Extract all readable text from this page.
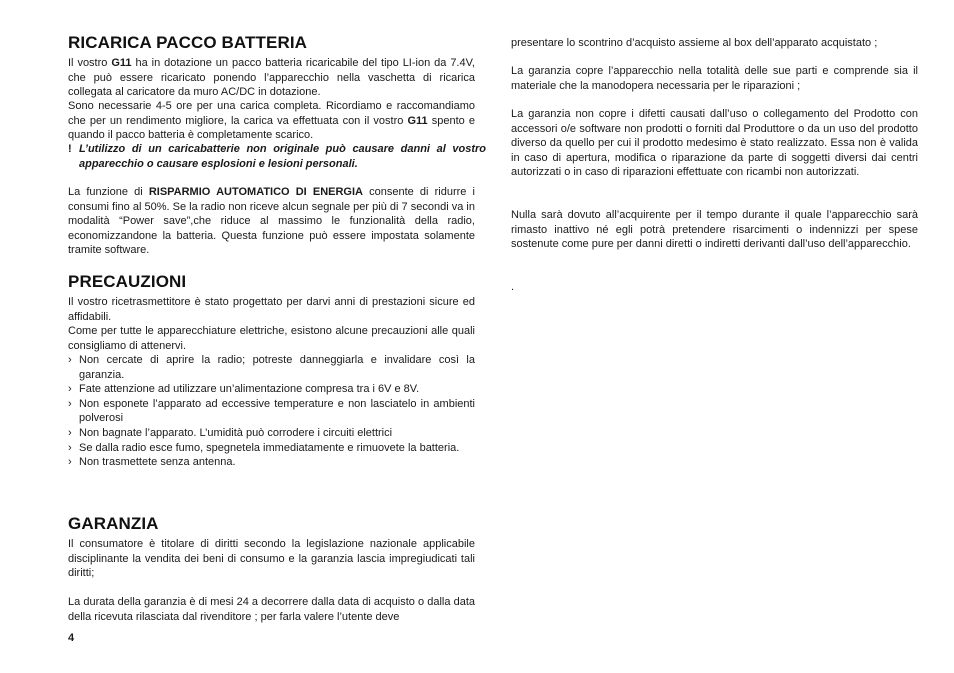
RICARICA PACCO BATTERIA

Il vostro G11 ha in dotazione un pacco batteria ricaricabile del tipo LI-ion da 7.4V, che può essere ricaricato ponendo l’apparecchio nella vaschetta di ricarica collegata al caricatore da muro AC/DC in dotazione.

Sono necessarie 4-5 ore per una carica completa. Ricordiamo e raccomandiamo che per un rendimento migliore, la carica va effettuata con il vostro G11 spento e quando il pacco batteria è completamente scarico.

! L’utilizzo di un caricabatterie non originale può causare danni al vostro apparecchio o causare esplosioni e lesioni personali.

La funzione di RISPARMIO AUTOMATICO DI ENERGIA consente di ridurre i consumi fino al 50%. Se la radio non riceve alcun segnale per più di 7 secondi va in modalità “Power save”,che riduce al massimo le funzionalità della radio, economizzandone la batteria. Questa funzione può essere impostata solamente tramite software.

PRECAUZIONI

Il vostro ricetrasmettitore è stato progettato per darvi anni di prestazioni sicure ed affidabili.

Come per tutte le apparecchiature elettriche, esistono alcune precauzioni alle quali consigliamo di attenervi.

› Non cercate di aprire la radio; potreste danneggiarla e invalidare così la garanzia.
› Fate attenzione ad utilizzare un’alimentazione compresa tra i 6V e 8V.
› Non esponete l’apparato ad eccessive temperature e non lasciatelo in ambienti polverosi
› Non bagnate l’apparato. L’umidità può corrodere i circuiti elettrici
› Se dalla radio esce fumo, spegnetela immediatamente e rimuovete la batteria.
› Non trasmettete senza antenna.
GARANZIA

Il consumatore è titolare di diritti secondo la legislazione nazionale applicabile disciplinante la vendita dei beni di consumo e la garanzia lascia impregiudicati tali diritti;

La durata della garanzia è di mesi 24 a decorrere dalla data di acquisto o dalla data della ricevuta rilasciata dal rivenditore ; per farla valere l’utente deve

presentare lo scontrino d’acquisto assieme al box dell’apparato acquistato ;

La garanzia copre l’apparecchio nella totalità delle sue parti e comprende sia il materiale che la manodopera necessaria per le riparazioni ;

La garanzia non copre i difetti causati dall’uso o collegamento del Prodotto con accessori o/e software non prodotti o forniti dal Produttore o da un uso del prodotto diverso da quello per cui il prodotto medesimo è stato realizzato. Essa non è valida in caso di apertura, modifica o riparazione da parte di soggetti diversi dai centri autorizzati o in caso di riparazioni effettuate con ricambi non autorizzati.

Nulla sarà dovuto all’acquirente per il tempo durante il quale l’apparecchio sarà rimasto inattivo né egli potrà pretendere risarcimenti o indennizzi per spese sostenute come pure per danni diretti o indiretti derivanti dall’uso dell’apparecchio.

.

4
